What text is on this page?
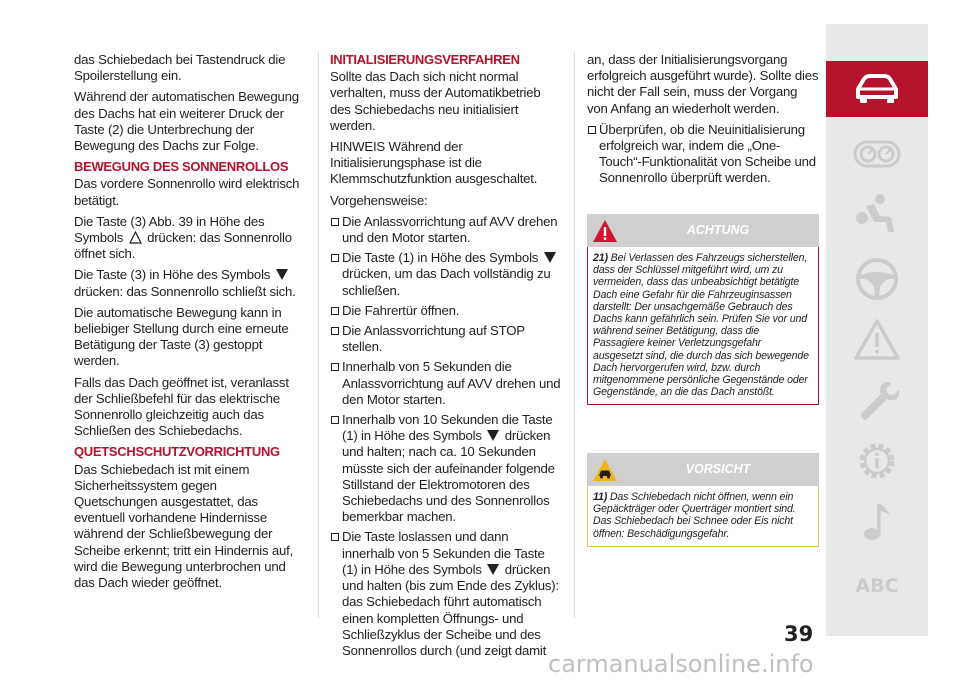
das Schiebedach bei Tastendruck die Spoilerstellung ein.

Während der automatischen Bewegung des Dachs hat ein weiterer Druck der Taste (2) die Unterbrechung der Bewegung des Dachs zur Folge.

BEWEGUNG DES SONNENROLLOS

Das vordere Sonnenrollo wird elektrisch betätigt.

Die Taste (3) Abb. 39 in Höhe des Symbols drücken: das Sonnenrollo öffnet sich.

Die Taste (3) in Höhe des Symbols  drücken: das Sonnenrollo schließt sich.

Die automatische Bewegung kann in beliebiger Stellung durch eine erneute Betätigung der Taste (3) gestoppt werden.

Falls das Dach geöffnet ist, veranlasst der Schließbefehl für das elektrische Sonnenrollo gleichzeitig auch das Schließen des Schiebedachs.

QUETSCHSCHUTZVORRICHTUNG

Das Schiebedach ist mit einem Sicherheitssystem gegen Quetschungen ausgestattet, das eventuell vorhandene Hindernisse während der Schließbewegung der Scheibe erkennt; tritt ein Hindernis auf, wird die Bewegung unterbrochen und das Dach wieder geöffnet.

INITIALISIERUNGSVERFAHREN

Sollte das Dach sich nicht normal verhalten, muss der Automatikbetrieb des Schiebedachs neu initialisiert werden.

HINWEIS Während der Initialisierungsphase ist die Klemmschutzfunktion ausgeschaltet.

Vorgehensweise:

Die Anlassvorrichtung auf AVV drehen und den Motor starten.
Die Taste (1) in Höhe des Symbols  drücken, um das Dach vollständig zu schließen.
Die Fahrertür öffnen.
Die Anlassvorrichtung auf STOP stellen.
Innerhalb von 5 Sekunden die Anlassvorrichtung auf AVV drehen und den Motor starten.
Innerhalb von 10 Sekunden die Taste (1) in Höhe des Symbols drücken und halten; nach ca. 10 Sekunden müsste sich der aufeinander folgende Stillstand der Elektromotoren des Schiebedachs und des Sonnenrollos bemerkbar machen.
Die Taste loslassen und dann innerhalb von 5 Sekunden die Taste (1) in Höhe des Symbols drücken und halten (bis zum Ende des Zyklus): das Schiebedach führt automatisch einen kompletten Öffnungs- und Schließzyklus der Scheibe und des Sonnenrollos durch (und zeigt damit

an, dass der Initialisierungsvorgang erfolgreich ausgeführt wurde). Sollte dies nicht der Fall sein, muss der Vorgang von Anfang an wiederholt werden.

Überprüfen, ob die Neuinitialisierung erfolgreich war, indem die „One-Touch“-Funktionalität von Scheibe und Sonnenrollo überprüft werden.
ACHTUNG
21) Bei Verlassen des Fahrzeugs sicherstellen, dass der Schlüssel mitgeführt wird, um zu vermeiden, dass das unbeabsichtigt betätigte Dach eine Gefahr für die Fahrzeuginsassen darstellt: Der unsachgemäße Gebrauch des Dachs kann gefährlich sein. Prüfen Sie vor und während seiner Betätigung, dass die Passagiere keiner Verletzungsgefahr ausgesetzt sind, die durch das sich bewegende Dach hervorgerufen wird, bzw. durch mitgenommene persönliche Gegenstände oder Gegenstände, an die das Dach anstößt.
VORSICHT
11) Das Schiebedach nicht öffnen, wenn ein Gepäckträger oder Querträger montiert sind. Das Schiebedach bei Schnee oder Eis nicht öffnen: Beschädigungsgefahr.
ABC
39
carmanualsonline.info
